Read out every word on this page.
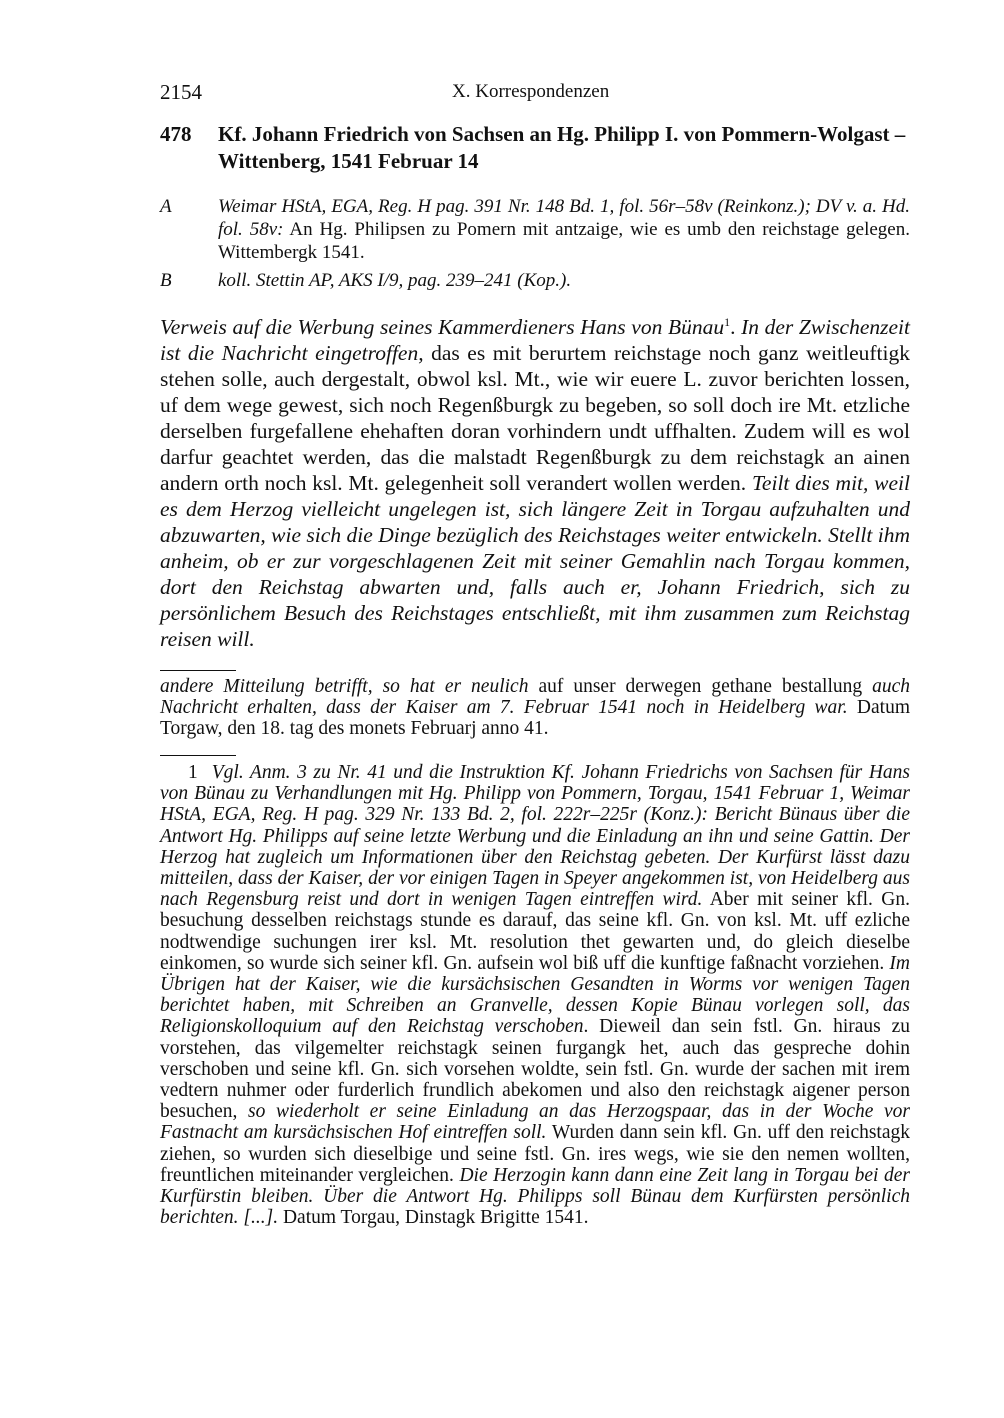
2154	X. Korrespondenzen
478 Kf. Johann Friedrich von Sachsen an Hg. Philipp I. von Pommern-Wolgast – Wittenberg, 1541 Februar 14
A Weimar HStA, EGA, Reg. H pag. 391 Nr. 148 Bd. 1, fol. 56r–58v (Reinkonz.); DV v. a. Hd. fol. 58v: An Hg. Philipsen zu Pomern mit antzaige, wie es umb den reichstage gelegen. Wittembergk 1541.
B koll. Stettin AP, AKS I/9, pag. 239–241 (Kop.).
Verweis auf die Werbung seines Kammerdieners Hans von Bünau$^1$. In der Zwischenzeit ist die Nachricht eingetroffen, das es mit berurtem reichstage noch ganz weitleuftigk stehen solle, auch dergestalt, obwol ksl. Mt., wie wir euere L. zuvor berichten lossen, uf dem wege gewest, sich noch Regenßburgk zu begeben, so soll doch ire Mt. etzliche derselben furgefallene ehehaften doran vorhindern undt uffhalten. Zudem will es wol darfur geachtet werden, das die malstadt Regenßburgk zu dem reichstagk an ainen andern orth noch ksl. Mt. gelegenheit soll verandert wollen werden. Teilt dies mit, weil es dem Herzog vielleicht ungelegen ist, sich längere Zeit in Torgau aufzuhalten und abzuwarten, wie sich die Dinge bezüglich des Reichstages weiter entwickeln. Stellt ihm anheim, ob er zur vorgeschlagenen Zeit mit seiner Gemahlin nach Torgau kommen, dort den Reichstag abwarten und, falls auch er, Johann Friedrich, sich zu persönlichem Besuch des Reichstages entschließt, mit ihm zusammen zum Reichstag reisen will.
andere Mitteilung betrifft, so hat er neulich auf unser derwegen gethane bestallung auch Nachricht erhalten, dass der Kaiser am 7. Februar 1541 noch in Heidelberg war. Datum Torgaw, den 18. tag des monets Februarj anno 41.
1 Vgl. Anm. 3 zu Nr. 41 und die Instruktion Kf. Johann Friedrichs von Sachsen für Hans von Bünau zu Verhandlungen mit Hg. Philipp von Pommern, Torgau, 1541 Februar 1, Weimar HStA, EGA, Reg. H pag. 329 Nr. 133 Bd. 2, fol. 222r–225r (Konz.): Bericht Bünaus über die Antwort Hg. Philipps auf seine letzte Werbung und die Einladung an ihn und seine Gattin. Der Herzog hat zugleich um Informationen über den Reichstag gebeten. Der Kurfürst lässt dazu mitteilen, dass der Kaiser, der vor einigen Tagen in Speyer angekommen ist, von Heidelberg aus nach Regensburg reist und dort in wenigen Tagen eintreffen wird. Aber mit seiner kfl. Gn. besuchung desselben reichstags stunde es darauf, das seine kfl. Gn. von ksl. Mt. uff ezliche nodtwendige suchungen irer ksl. Mt. resolution thet gewarten und, do gleich dieselbe einkomen, so wurde sich seiner kfl. Gn. aufsein wol biß uff die kunftige faßnacht vorziehen. Im Übrigen hat der Kaiser, wie die kursächsischen Gesandten in Worms vor wenigen Tagen berichtet haben, mit Schreiben an Granvelle, dessen Kopie Bünau vorlegen soll, das Religionskolloquium auf den Reichstag verschoben. Dieweil dan sein fstl. Gn. hiraus zu vorstehen, das vilgemelter reichstagk seinen furgangk het, auch das gespreche dohin verschoben und seine kfl. Gn. sich vorsehen woldte, sein fstl. Gn. wurde der sachen mit irem vedtern nuhmer oder furderlich frundlich abekomen und also den reichstagk aigener person besuchen, so wiederholt er seine Einladung an das Herzogspaar, das in der Woche vor Fastnacht am kursächsischen Hof eintreffen soll. Wurden dann sein kfl. Gn. uff den reichstagk ziehen, so wurden sich dieselbige und seine fstl. Gn. ires wegs, wie sie den nemen wollten, freuntlichen miteinander vergleichen. Die Herzogin kann dann eine Zeit lang in Torgau bei der Kurfürstin bleiben. Über die Antwort Hg. Philipps soll Bünau dem Kurfürsten persönlich berichten. [...]. Datum Torgau, Dinstagk Brigitte 1541.
